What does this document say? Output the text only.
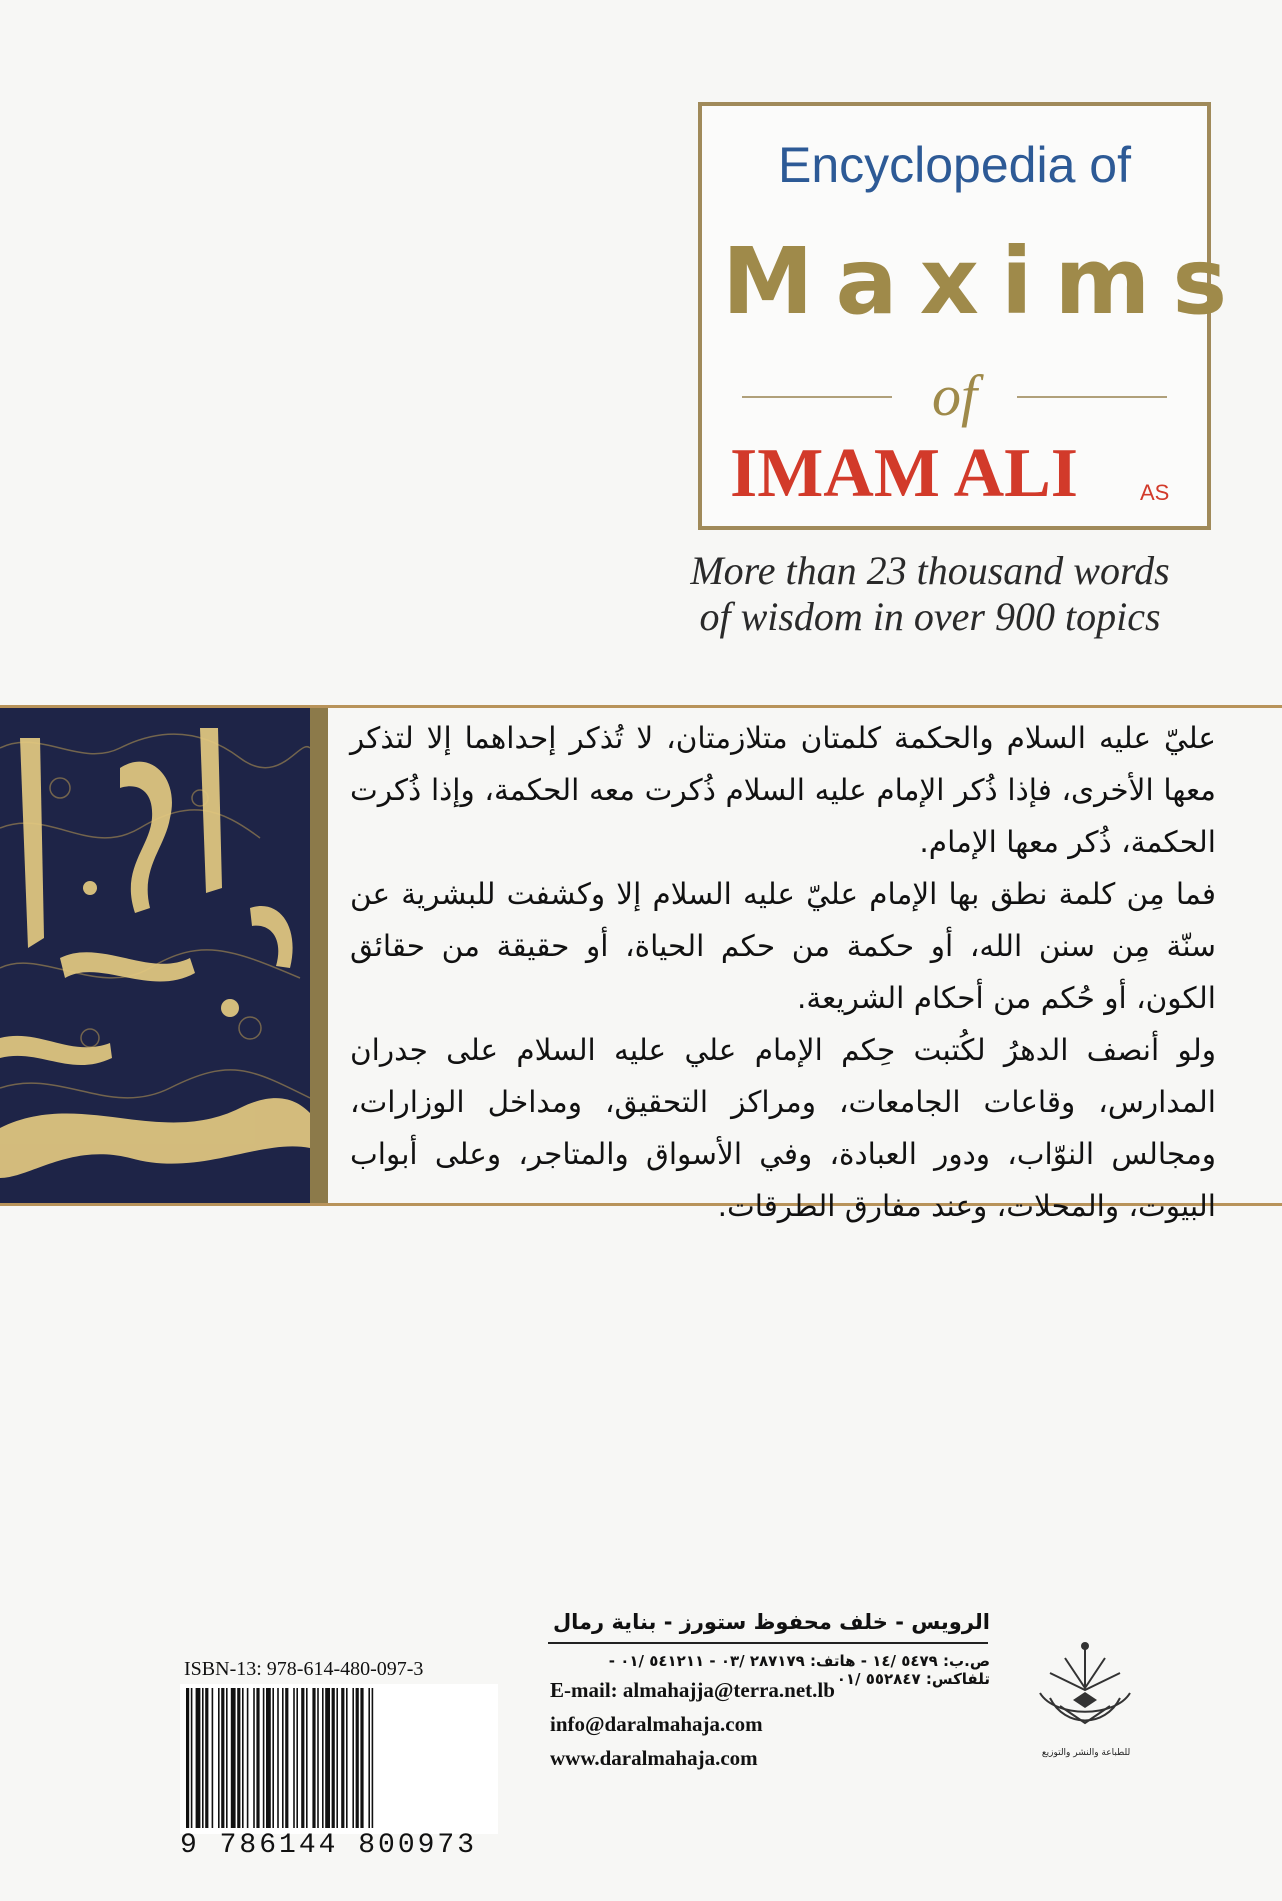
Encyclopedia of
Maxims
of
IMAM ALI	AS
More than 23 thousand words
of wisdom in over 900 topics

عليّ عليه السلام والحكمة كلمتان متلازمتان، لا تُذكر إحداهما إلا لتذكر معها الأخرى، فإذا ذُكر الإمام عليه السلام ذُكرت معه الحكمة، وإذا ذُكرت الحكمة، ذُكر معها الإمام.

فما مِن كلمة نطق بها الإمام عليّ عليه السلام إلا وكشفت للبشرية عن سنّة مِن سنن الله، أو حكمة من حكم الحياة، أو حقيقة من حقائق الكون، أو حُكم من أحكام الشريعة.

ولو أنصف الدهرُ لكُتبت حِكم الإمام علي عليه السلام على جدران المدارس، وقاعات الجامعات، ومراكز التحقيق، ومداخل الوزارات، ومجالس النوّاب، ودور العبادة، وفي الأسواق والمتاجر، وعلى أبواب البيوت، والمحلات، وعند مفارق الطرقات.

ISBN-13: 978-614-480-097-3
9 786144 800973
الرويس - خلف محفوظ ستورز - بناية رمال
ص.ب: ٥٤٧٩ /١٤ - هاتف: ٢٨٧١٧٩ /٠٣ - ٥٤١٢١١ /٠١ - تلفاكس: ٥٥٢٨٤٧ /٠١
E-mail: almahajja@terra.net.lb
info@daralmahaja.com
www.daralmahaja.com	للطباعة والنشر والتوزيع
